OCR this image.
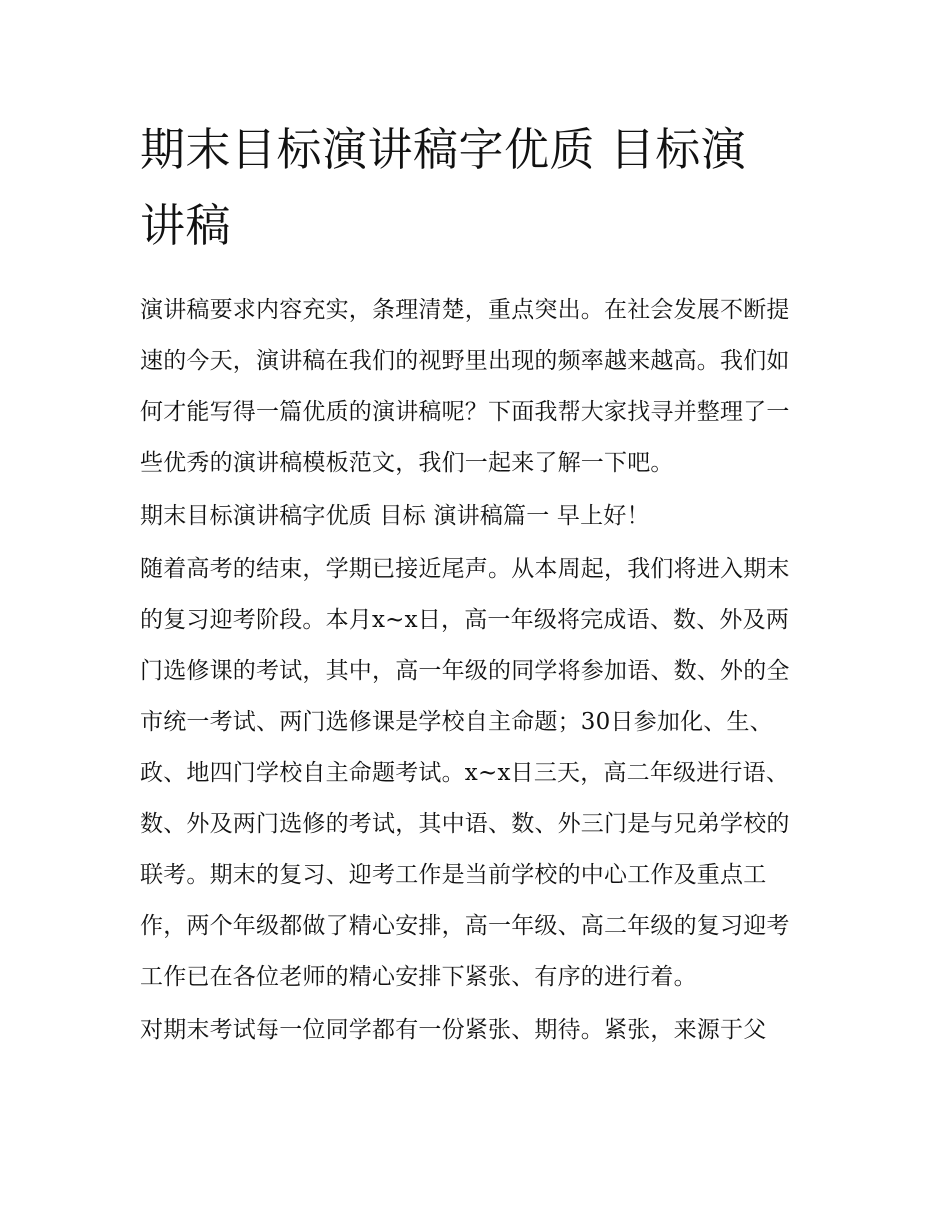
期末目标演讲稿字优质 目标演讲稿

演讲稿要求内容充实，条理清楚，重点突出。在社会发展不断提速的今天，演讲稿在我们的视野里出现的频率越来越高。我们如何才能写得一篇优质的演讲稿呢？下面我帮大家找寻并整理了一些优秀的演讲稿模板范文，我们一起来了解一下吧。

期末目标演讲稿字优质 目标 演讲稿篇一 早上好！

随着高考的结束，学期已接近尾声。从本周起，我们将进入期末的复习迎考阶段。本月x~x日，高一年级将完成语、数、外及两门选修课的考试，其中，高一年级的同学将参加语、数、外的全市统一考试、两门选修课是学校自主命题；30日参加化、生、政、地四门学校自主命题考试。x~x日三天，高二年级进行语、数、外及两门选修的考试，其中语、数、外三门是与兄弟学校的联考。期末的复习、迎考工作是当前学校的中心工作及重点工作，两个年级都做了精心安排，高一年级、高二年级的复习迎考工作已在各位老师的精心安排下紧张、有序的进行着。

对期末考试每一位同学都有一份紧张、期待。紧张，来源于父
